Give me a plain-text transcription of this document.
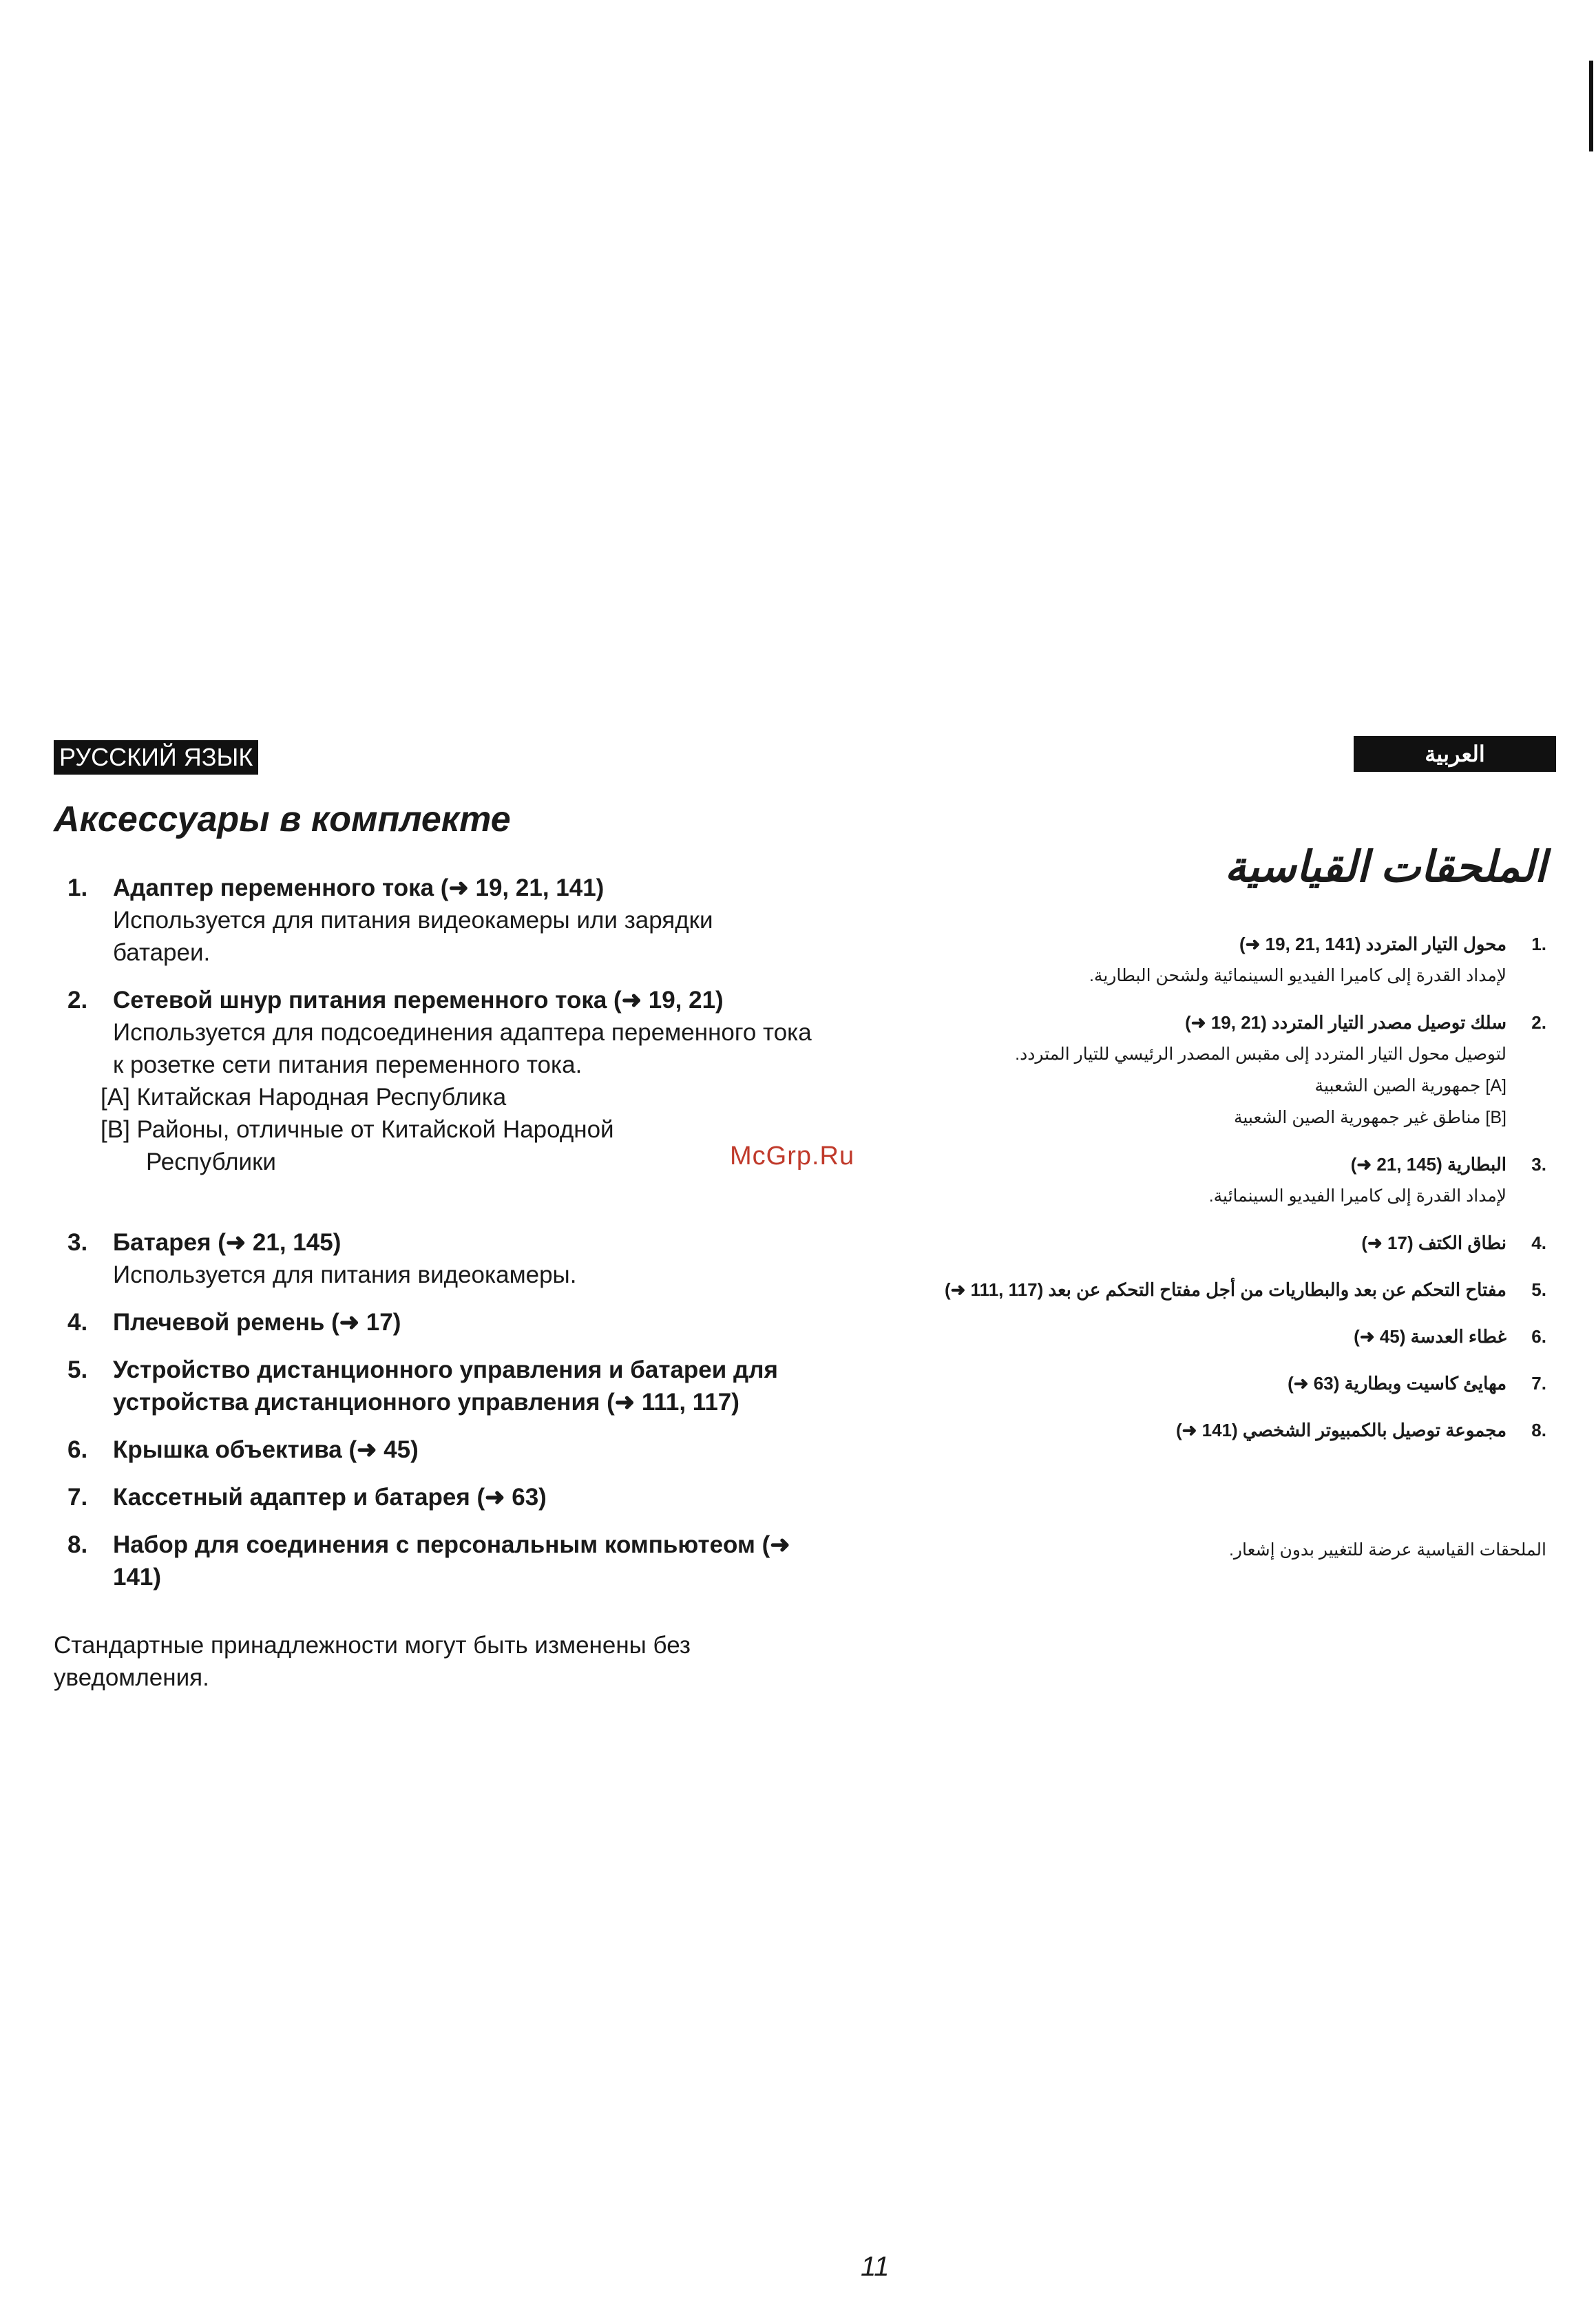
РУССКИЙ ЯЗЫК
Аксессуары в комплекте
1. Адаптер переменного тока (➜ 19, 21, 141)
Используется для питания видеокамеры или зарядки батареи.
2. Сетевой шнур питания переменного тока (➜ 19, 21)
Используется для подсоединения адаптера переменного тока к розетке сети питания переменного тока.
[A] Китайская Народная Республика
[B] Районы, отличные от Китайской Народной
Республики
3. Батарея (➜ 21, 145)
Используется для питания видеокамеры.
4. Плечевой ремень (➜ 17)
5. Устройство дистанционного управления и батареи для устройства дистанционного управления (➜ 111, 117)
6. Крышка объектива (➜ 45)
7. Кассетный адаптер и батарея (➜ 63)
8. Набор для соединения с персональным компьютеом (➜ 141)

Стандартные принадлежности могут быть изменены без уведомления.

McGrp.Ru
العربية
الملحقات القياسية
.1
محول التيار المتردد (141 ,21 ,19 ➜)
لإمداد القدرة إلى كاميرا الفيديو السينمائية ولشحن البطارية.
.2
سلك توصيل مصدر التيار المتردد (21 ,19 ➜)
لتوصيل محول التيار المتردد إلى مقبس المصدر الرئيسي للتيار المتردد.
[A] جمهورية الصين الشعبية
[B] مناطق غير جمهورية الصين الشعبية
.3
البطارية (145 ,21 ➜)
لإمداد القدرة إلى كاميرا الفيديو السينمائية.
.4
نطاق الكتف (17 ➜)
.5
مفتاح التحكم عن بعد والبطاريات من أجل مفتاح التحكم عن بعد (117 ,111 ➜)
.6
غطاء العدسة (45 ➜)
.7
مهايئ كاسيت وبطارية (63 ➜)
.8
مجموعة توصيل بالكمبيوتر الشخصي (141 ➜)

الملحقات القياسية عرضة للتغيير بدون إشعار.

11
